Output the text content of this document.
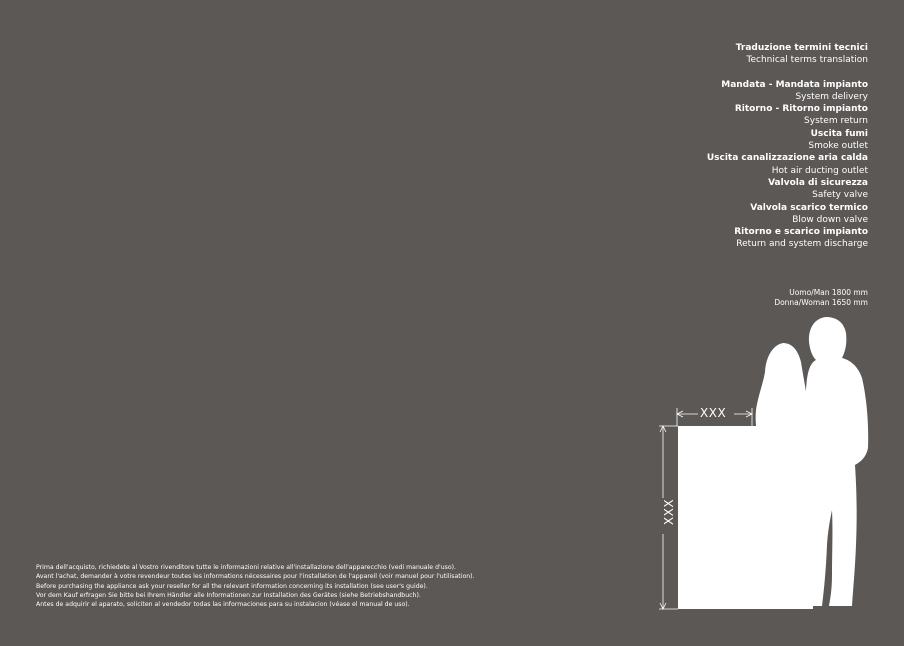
Traduzione termini tecnici
Technical terms translation
Mandata - Mandata impianto
System delivery
Ritorno - Ritorno impianto
System return
Uscita fumi
Smoke outlet
Uscita canalizzazione aria calda
Hot air ducting outlet
Valvola di sicurezza
Safety valve
Valvola scarico termico
Blow down valve
Ritorno e scarico impianto
Return and system discharge
Uomo/Man 1800 mm
Donna/Woman 1650 mm
XXX
XXX
Prima dell'acquisto, richiedete al Vostro rivenditore tutte le informazioni relative all'installazione dell'apparecchio (vedi manuale d'uso).
Avant l'achat, demander à votre revendeur toutes les informations nécessaires pour l'installation de l'appareil (voir manuel pour l'utilisation).
Before purchasing the appliance ask your reseller for all the relevant information concerning its installation (see user's guide).
Vor dem Kauf erfragen Sie bitte bei Ihrem Händler alle Informationen zur Installation des Gerätes (siehe Betriebshandbuch).
Antes de adquirir el aparato, soliciten al vendedor todas las informaciones para su instalacion (véase el manual de uso).
